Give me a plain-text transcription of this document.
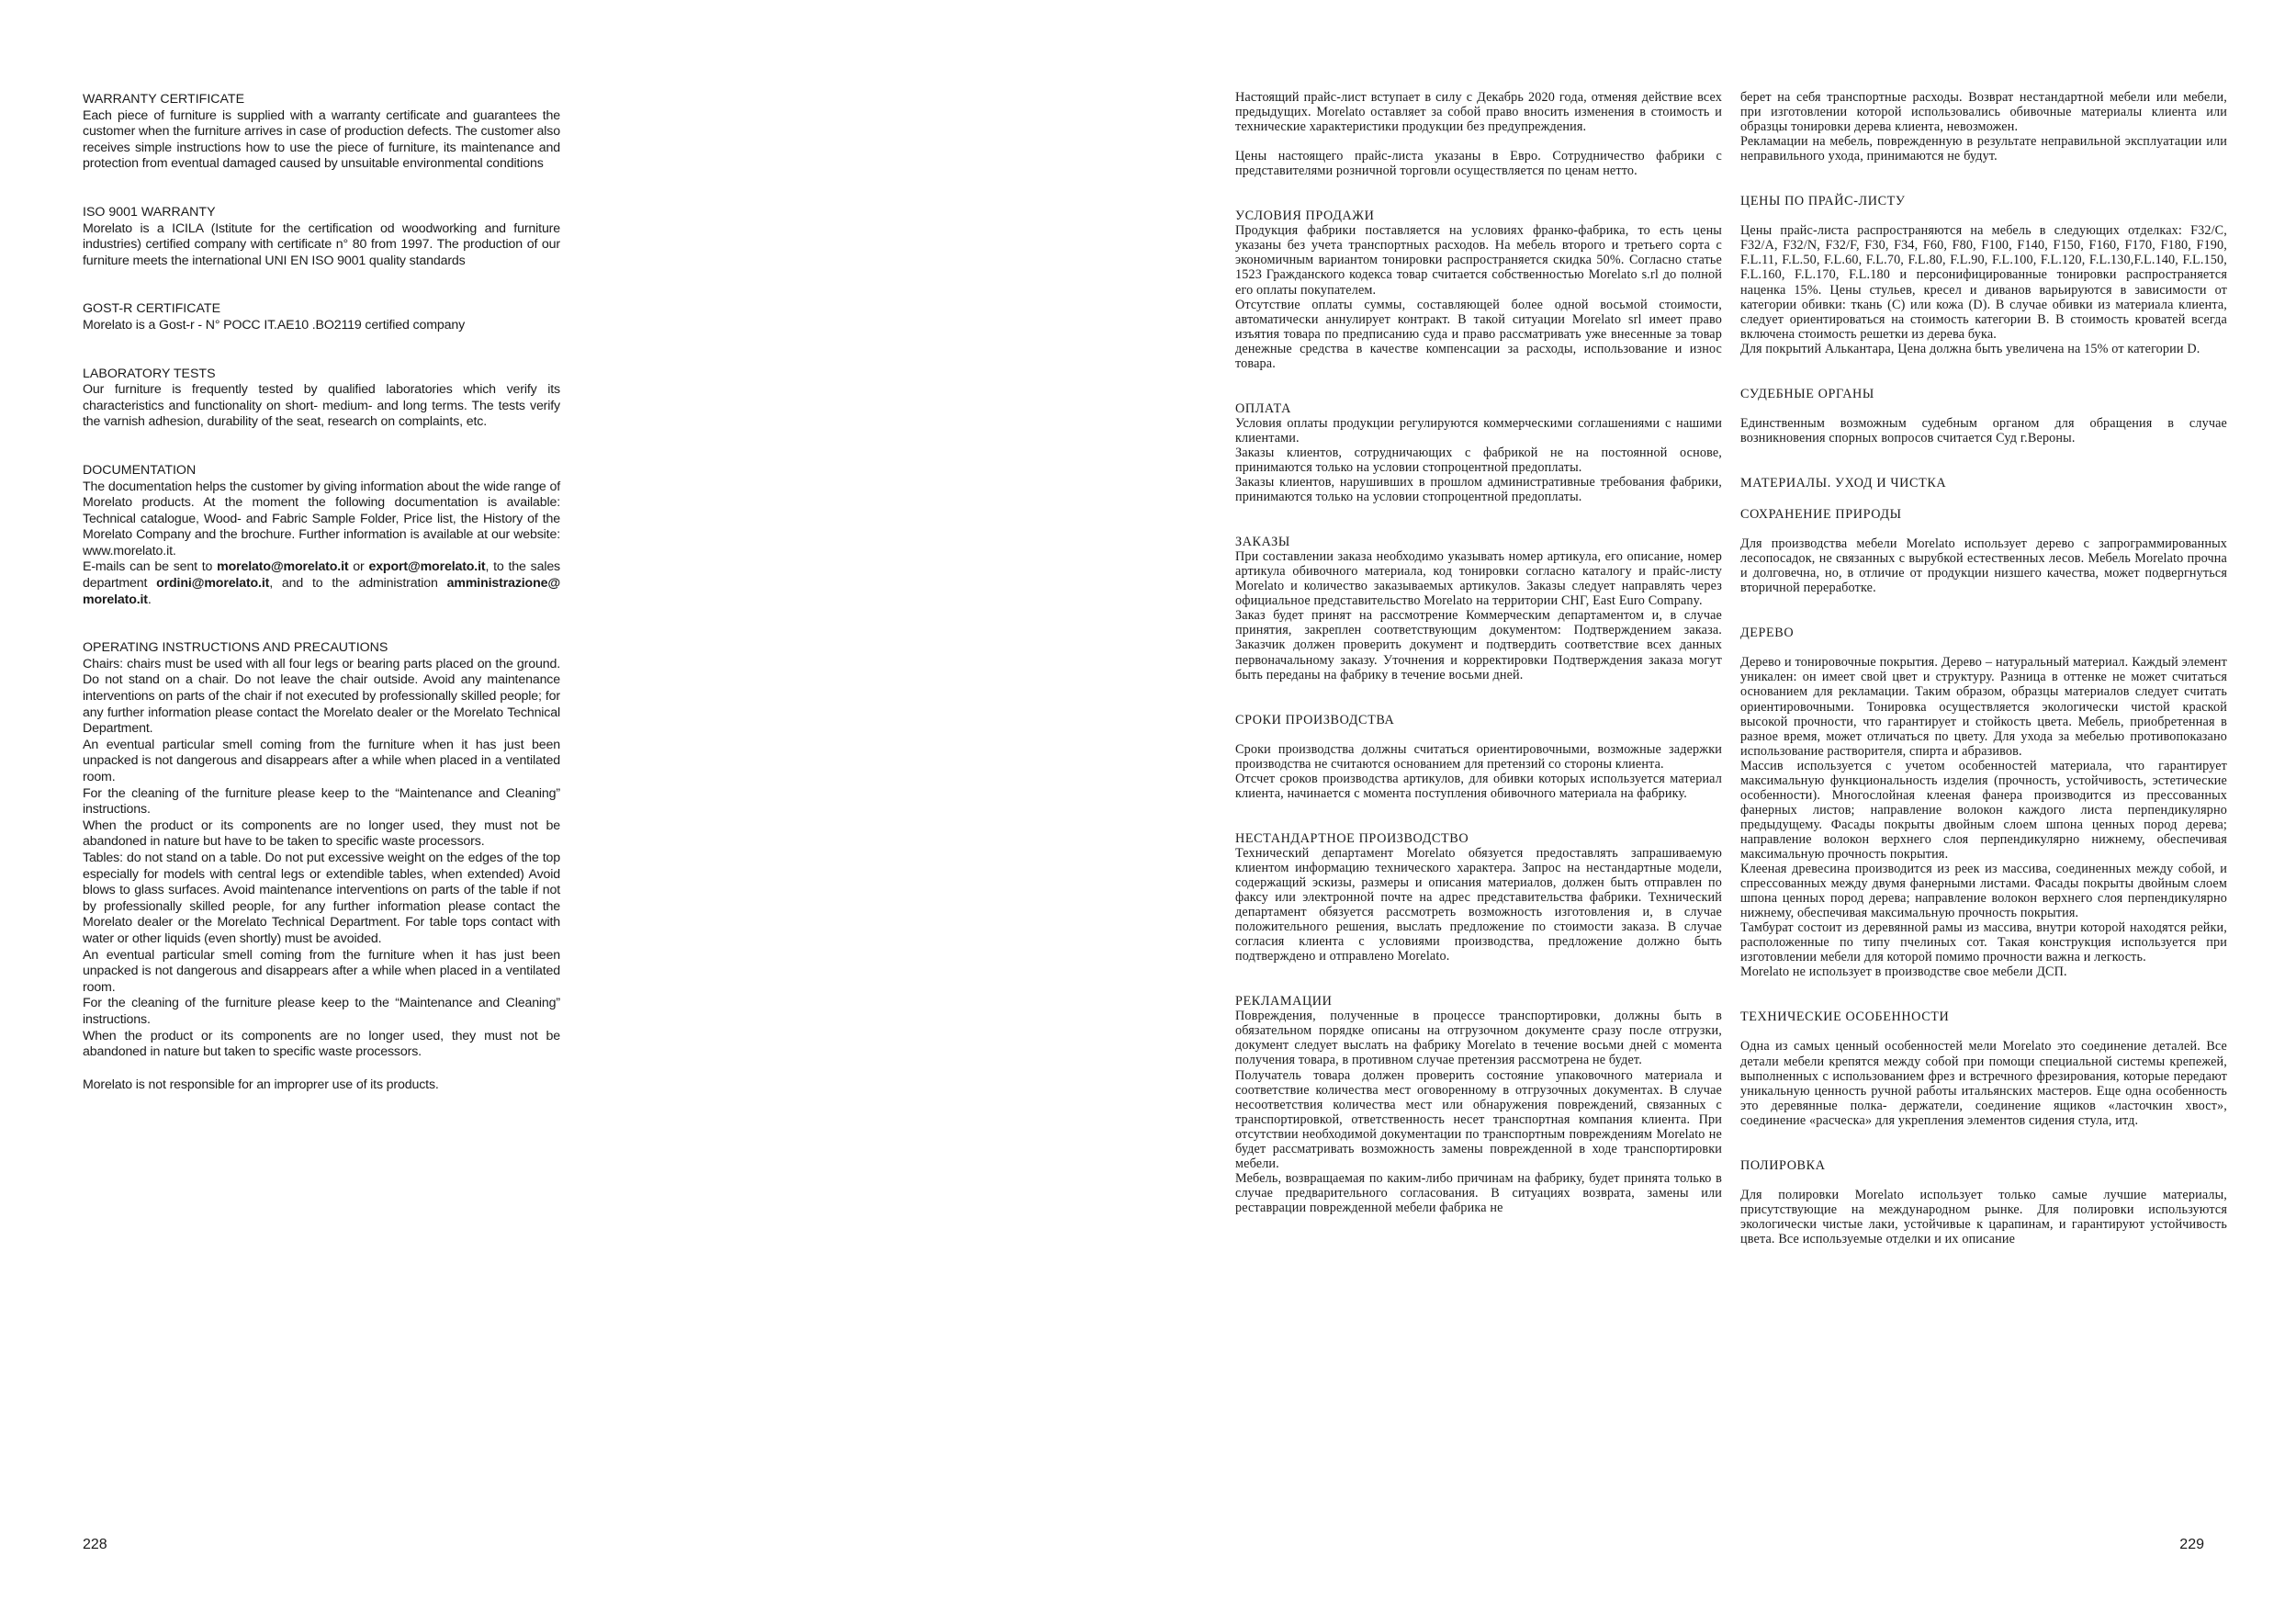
WARRANTY CERTIFICATE

Each piece of furniture is supplied with a warranty certificate and guarantees the customer when the furniture arrives in case of production defects. The customer also receives simple instructions how to use the piece of furniture, its maintenance and protection from eventual damaged caused by unsuitable environmental conditions

ISO 9001 WARRANTY

Morelato is a ICILA (Istitute for the certification od woodworking and furniture industries) certified company with certificate n° 80 from 1997. The production of our furniture meets the international UNI EN ISO 9001 quality standards

GOST-R CERTIFICATE

Morelato is a Gost-r - N° POCC IT.AE10 .BO2119 certified company

LABORATORY TESTS

Our furniture is frequently tested by qualified laboratories which verify its characteristics and functionality on short- medium- and long terms. The tests verify the varnish adhesion, durability of the seat, research on complaints, etc.

DOCUMENTATION

The documentation helps the customer by giving information about the wide range of Morelato products. At the moment the following documentation is available: Technical catalogue, Wood- and Fabric Sample Folder, Price list, the History of the Morelato Company and the brochure. Further information is available at our website: www.morelato.it.

E-mails can be sent to morelato@morelato.it or export@morelato.it, to the sales department ordini@morelato.it, and to the administration amministrazione@ morelato.it.

OPERATING INSTRUCTIONS AND PRECAUTIONS

Chairs: chairs must be used with all four legs or bearing parts placed on the ground. Do not stand on a chair. Do not leave the chair outside. Avoid any maintenance interventions on parts of the chair if not executed by professionally skilled people; for any further information please contact the Morelato dealer or the Morelato Technical Department.

An eventual particular smell coming from the furniture when it has just been unpacked is not dangerous and disappears after a while when placed in a ventilated room.

For the cleaning of the furniture please keep to the “Maintenance and Cleaning” instructions.

When the product or its components are no longer used, they must not be abandoned in nature but have to be taken to specific waste processors.

Tables: do not stand on a table. Do not put excessive weight on the edges of the top especially for models with central legs or extendible tables, when extended) Avoid blows to glass surfaces. Avoid maintenance interventions on parts of the table if not by professionally skilled people, for any further information please contact the Morelato dealer or the Morelato Technical Department. For table tops contact with water or other liquids (even shortly) must be avoided.

An eventual particular smell coming from the furniture when it has just been unpacked is not dangerous and disappears after a while when placed in a ventilated room.

For the cleaning of the furniture please keep to the “Maintenance and Cleaning” instructions.

When the product or its components are no longer used, they must not be abandoned in nature but taken to specific waste processors.

Morelato is not responsible for an improprer use of its products.

228

Настоящий прайс-лист вступает в силу с Декабрь 2020 года, отменяя действие всех предыдущих. Morelato оставляет за собой право вносить изменения в стоимость и технические характеристики продукции без предупреждения.

Цены настоящего прайс-листа указаны в Евро. Сотрудничество фабрики с представителями розничной торговли осуществляется по ценам нетто.

УСЛОВИЯ ПРОДАЖИ

Продукция фабрики поставляется на условиях франко-фабрика, то есть цены указаны без учета транспортных расходов. На мебель второго и третьего сорта с экономичным вариантом тонировки распространяется скидка 50%. Согласно статье 1523 Гражданского кодекса товар считается собственностью Morelato s.rl до полной его оплаты покупателем.

Отсутствие оплаты суммы, составляющей более одной восьмой стоимости, автоматически аннулирует контракт. В такой ситуации Morelato srl имеет право изъятия товара по предписанию суда и право рассматривать уже внесенные за товар денежные средства в качестве компенсации за расходы, использование и износ товара.

ОПЛАТА

Условия оплаты продукции регулируются коммерческими соглашениями с нашими клиентами.

Заказы клиентов, сотрудничающих с фабрикой не на постоянной основе, принимаются только на условии стопроцентной предоплаты.

Заказы клиентов, нарушивших в прошлом административные требования фабрики, принимаются только на условии стопроцентной предоплаты.

ЗАКАЗЫ

При составлении заказа необходимо указывать номер артикула, его описание, номер артикула обивочного материала, код тонировки согласно каталогу и прайс-листу Morelato и количество заказываемых артикулов. Заказы следует направлять через официальное представительство Morelato на территории СНГ, East Euro Company.

Заказ будет принят на рассмотрение Коммерческим департаментом и, в случае принятия, закреплен соответствующим документом: Подтверждением заказа. Заказчик должен проверить документ и подтвердить соответствие всех данных первоначальному заказу. Уточнения и корректировки Подтверждения заказа могут быть переданы на фабрику в течение восьми дней.

СРОКИ ПРОИЗВОДСТВА

Сроки производства должны считаться ориентировочными, возможные задержки производства не считаются основанием для претензий со стороны клиента.

Отсчет сроков производства артикулов, для обивки которых используется материал клиента, начинается с момента поступления обивочного материала на фабрику.

НЕСТАНДАРТНОЕ ПРОИЗВОДСТВО

Технический департамент Morelato обязуется предоставлять запрашиваемую клиентом информацию технического характера. Запрос на нестандартные модели, содержащий эскизы, размеры и описания материалов, должен быть отправлен по факсу или электронной почте на адрес представительства фабрики. Технический департамент обязуется рассмотреть возможность изготовления и, в случае положительного решения, выслать предложение по стоимости заказа. В случае согласия клиента с условиями производства, предложение должно быть подтверждено и отправлено Morelato.

РЕКЛАМАЦИИ

Повреждения, полученные в процессе транспортировки, должны быть в обязательном порядке описаны на отгрузочном документе сразу после отгрузки, документ следует выслать на фабрику Morelato в течение восьми дней с момента получения товара, в противном случае претензия рассмотрена не будет.

Получатель товара должен проверить состояние упаковочного материала и соответствие количества мест оговоренному в отгрузочных документах. В случае несоответствия количества мест или обнаружения повреждений, связанных с транспортировкой, ответственность несет транспортная компания клиента. При отсутствии необходимой документации по транспортным повреждениям Morelato не будет рассматривать возможность замены поврежденной в ходе транспортировки мебели.

Мебель, возвращаемая по каким-либо причинам на фабрику, будет принята только в случае предварительного согласования. В ситуациях возврата, замены или реставрации поврежденной мебели фабрика не

берет на себя транспортные расходы. Возврат нестандартной мебели или мебели, при изготовлении которой использовались обивочные материалы клиента или образцы тонировки дерева клиента, невозможен.

Рекламации на мебель, поврежденную в результате неправильной эксплуатации или неправильного ухода, принимаются не будут.

ЦЕНЫ ПО ПРАЙС-ЛИСТУ

Цены прайс-листа распространяются на мебель в следующих отделках: F32/C, F32/A, F32/N, F32/F, F30, F34, F60, F80, F100, F140, F150, F160, F170, F180, F190, F.L.11, F.L.50, F.L.60, F.L.70, F.L.80, F.L.90, F.L.100, F.L.120, F.L.130,F.L.140, F.L.150, F.L.160, F.L.170, F.L.180 и персонифицированные тонировки распространяется наценка 15%. Цены стульев, кресел и диванов варьируются в зависимости от категории обивки: ткань (C) или кожа (D). В случае обивки из материала клиента, следует ориентироваться на стоимость категории B. В стоимость кроватей всегда включена стоимость решетки из дерева бука.

Для покрытий Алькантара, Цена должна быть увеличена на 15% от категории D.

СУДЕБНЫЕ ОРГАНЫ

Единственным возможным судебным органом для обращения в случае возникновения спорных вопросов считается Суд г.Вероны.

МАТЕРИАЛЫ. УХОД И ЧИСТКА
СОХРАНЕНИЕ ПРИРОДЫ

Для производства мебели Morelato использует дерево с запрограммированных лесопосадок, не связанных с вырубкой естественных лесов. Мебель Morelato прочна и долговечна, но, в отличие от продукции низшего качества, может подвергнуться вторичной переработке.

ДЕРЕВО

Дерево и тонировочные покрытия. Дерево – натуральный материал. Каждый элемент уникален: он имеет свой цвет и структуру. Разница в оттенке не может считаться основанием для рекламации. Таким образом, образцы материалов следует считать ориентировочными. Тонировка осуществляется экологически чистой краской высокой прочности, что гарантирует и стойкость цвета. Мебель, приобретенная в разное время, может отличаться по цвету. Для ухода за мебелью противопоказано использование растворителя, спирта и абразивов.

Массив используется с учетом особенностей материала, что гарантирует максимальную функциональность изделия (прочность, устойчивость, эстетические особенности). Многослойная клееная фанера производится из прессованных фанерных листов; направление волокон каждого листа перпендикулярно предыдущему. Фасады покрыты двойным слоем шпона ценных пород дерева; направление волокон верхнего слоя перпендикулярно нижнему, обеспечивая максимальную прочность покрытия.

Клееная древесина производится из реек из массива, соединенных между собой, и спрессованных между двумя фанерными листами. Фасады покрыты двойным слоем шпона ценных пород дерева; направление волокон верхнего слоя перпендикулярно нижнему, обеспечивая максимальную прочность покрытия.

Тамбурат состоит из деревянной рамы из массива, внутри которой находятся рейки, расположенные по типу пчелиных сот. Такая конструкция используется при изготовлении мебели для которой помимо прочности важна и легкость.

Morelato не использует в производстве свое мебели ДСП.

ТЕХНИЧЕСКИЕ ОСОБЕННОСТИ

Одна из самых ценный особенностей мели Morelato это соединение деталей. Все детали мебели крепятся между собой при помощи специальной системы крепежей, выполненных с использованием фрез и встречного фрезирования, которые передают уникальную ценность ручной работы итальянских мастеров. Еще одна особенность это деревянные полка- держатели, соединение ящиков «ласточкин хвост», соединение «расческа» для укрепления элементов сидения стула, итд.

ПОЛИРОВКА

Для полировки Morelato использует только самые лучшие материалы, присутствующие на международном рынке. Для полировки используются экологически чистые лаки, устойчивые к царапинам, и гарантируют устойчивость цвета. Все используемые отделки и их описание

229
